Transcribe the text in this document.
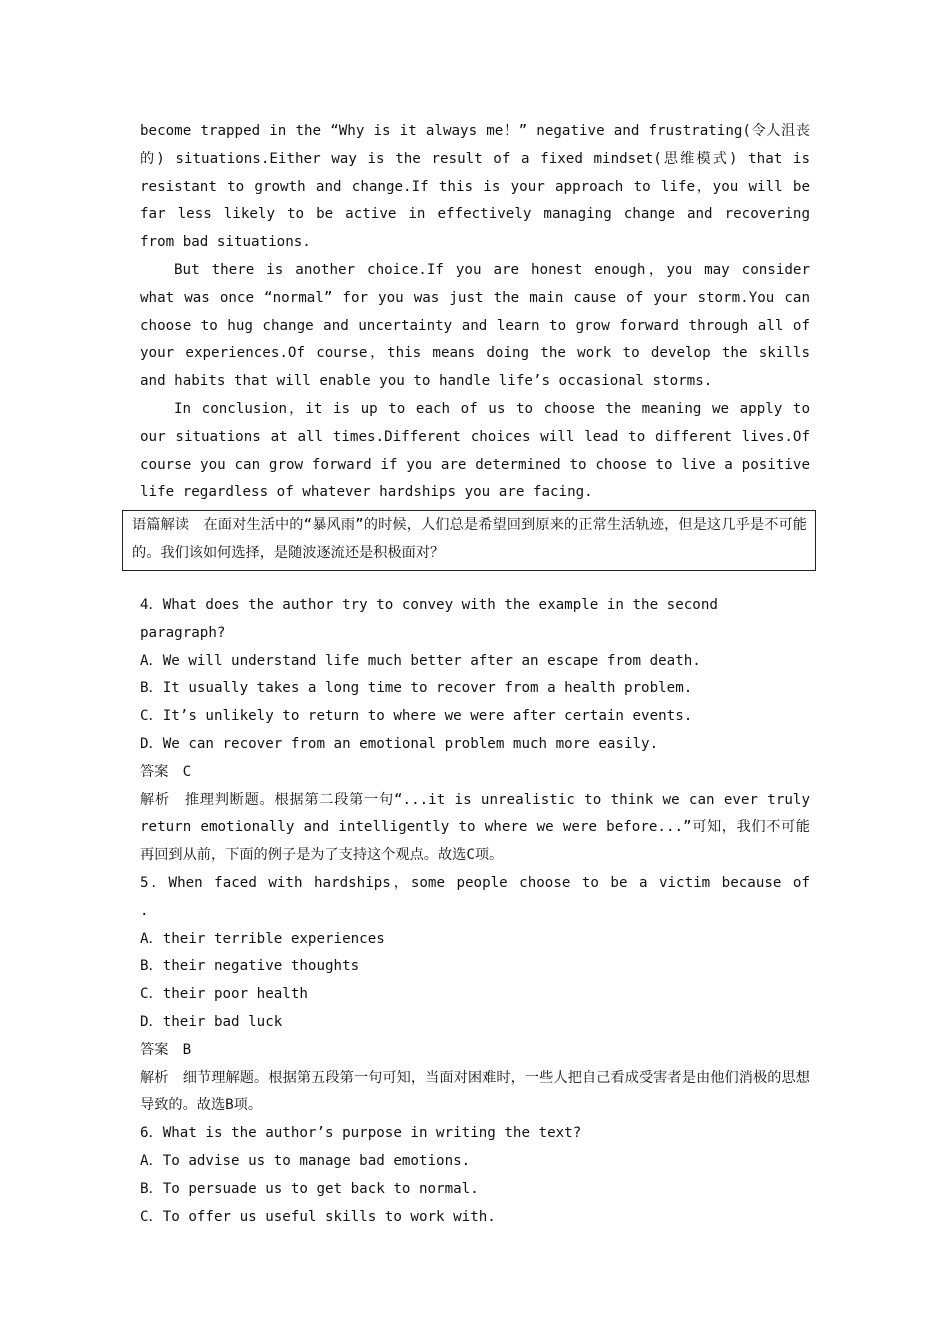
become trapped in the “Why is it always me！” negative and frustrating(令人沮丧的) situations.Either way is the result of a fixed mindset(思维模式) that is resistant to growth and change.If this is your approach to life，you will be far less likely to be active in effectively managing change and recovering from bad situations.

But there is another choice.If you are honest enough，you may consider what was once “normal” for you was just the main cause of your storm.You can choose to hug change and uncertainty and learn to grow forward through all of your experiences.Of course，this means doing the work to develop the skills and habits that will enable you to handle life’s occasional storms.

In conclusion，it is up to each of us to choose the meaning we apply to our situations at all times.Different choices will lead to different lives.Of course you can grow forward if you are determined to choose to live a positive life regardless of whatever hardships you are facing.

语篇解读　在面对生活中的“暴风雨”的时候，人们总是希望回到原来的正常生活轨迹，但是这几乎是不可能的。我们该如何选择，是随波逐流还是积极面对？

4．What does the author try to convey with the example in the second paragraph?

A．We will understand life much better after an escape from death.

B．It usually takes a long time to recover from a health problem.

C．It’s unlikely to return to where we were after certain events.

D．We can recover from an emotional problem much more easily.

答案　C

解析　推理判断题。根据第二段第一句“...it is unrealistic to think we can ever truly return emotionally and intelligently to where we were before...”可知，我们不可能再回到从前，下面的例子是为了支持这个观点。故选C项。

5．When faced with hardships，some people choose to be a victim because of

.

A．their terrible experiences

B．their negative thoughts

C．their poor health

D．their bad luck

答案　B

解析　细节理解题。根据第五段第一句可知，当面对困难时，一些人把自己看成受害者是由他们消极的思想导致的。故选B项。

6．What is the author’s purpose in writing the text?

A．To advise us to manage bad emotions.

B．To persuade us to get back to normal.

C．To offer us useful skills to work with.
